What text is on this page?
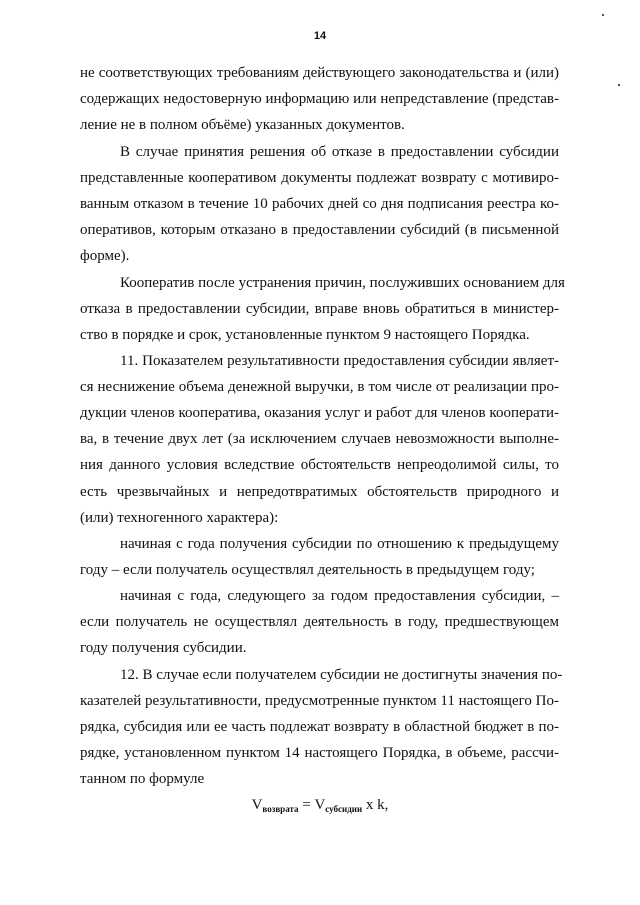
14
не соответствующих требованиям действующего законодательства и (или)
содержащих недостоверную информацию или непредставление (представ-
ление не в полном объёме) указанных документов.
В случае принятия решения об отказе в предоставлении субсидии
представленные кооперативом документы подлежат возврату с мотивиро-
ванным отказом в течение 10 рабочих дней со дня подписания реестра ко-
оперативов, которым отказано в предоставлении субсидий (в письменной
форме).
Кооператив после устранения причин, послуживших основанием для
отказа в предоставлении субсидии, вправе вновь обратиться в министер-
ство в порядке и срок, установленные пунктом 9 настоящего Порядка.
11. Показателем результативности предоставления субсидии являет-
ся неснижение объема денежной выручки, в том числе от реализации про-
дукции членов кооператива, оказания услуг и работ для членов кооперати-
ва, в течение двух лет (за исключением случаев невозможности выполне-
ния данного условия вследствие обстоятельств непреодолимой силы, то
есть чрезвычайных и непредотвратимых обстоятельств природного и
(или) техногенного характера):
начиная с года получения субсидии по отношению к предыдущему
году – если получатель осуществлял деятельность в предыдущем году;
начиная с года, следующего за годом предоставления субсидии, –
если получатель не осуществлял деятельность в году, предшествующем
году получения субсидии.
12. В случае если получателем субсидии не достигнуты значения по-
казателей результативности, предусмотренные пунктом 11 настоящего По-
рядка, субсидия или ее часть подлежат возврату в областной бюджет в по-
рядке, установленном пунктом 14 настоящего Порядка, в объеме, рассчи-
танном по формуле
$V_{возврата} = V_{субсидии}$ x k,
